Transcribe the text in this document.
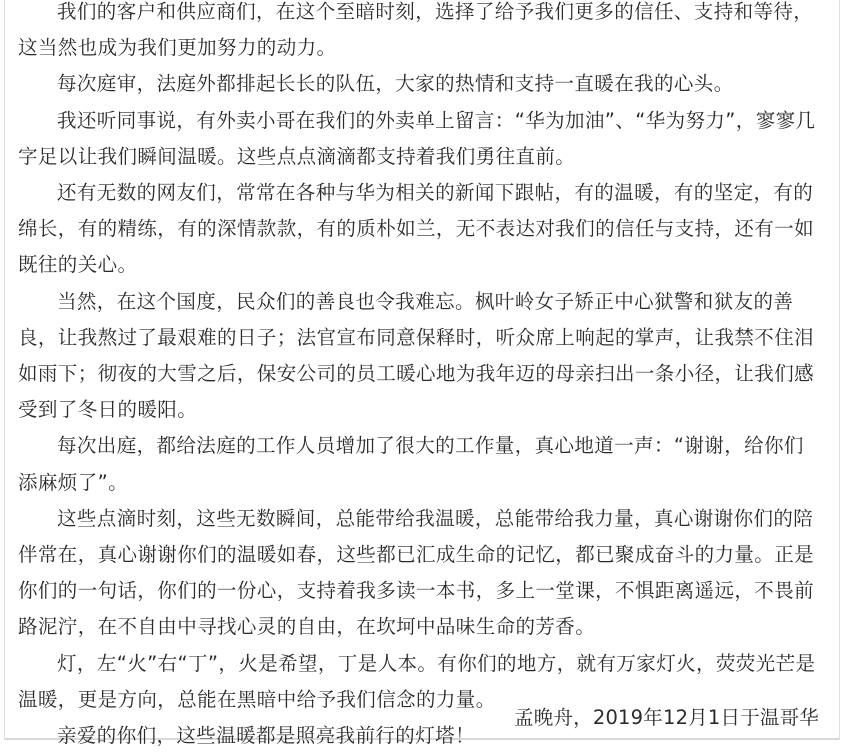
我们的客户和供应商们，在这个至暗时刻，选择了给予我们更多的信任、支持和等待，这当然也成为我们更加努力的动力。

每次庭审，法庭外都排起长长的队伍，大家的热情和支持一直暖在我的心头。

我还听同事说，有外卖小哥在我们的外卖单上留言：“华为加油”、“华为努力”，寥寥几字足以让我们瞬间温暖。这些点点滴滴都支持着我们勇往直前。

还有无数的网友们，常常在各种与华为相关的新闻下跟帖，有的温暖，有的坚定，有的绵长，有的精练，有的深情款款，有的质朴如兰，无不表达对我们的信任与支持，还有一如既往的关心。

当然，在这个国度，民众们的善良也令我难忘。枫叶岭女子矫正中心狱警和狱友的善良，让我熬过了最艰难的日子；法官宣布同意保释时，听众席上响起的掌声，让我禁不住泪如雨下；彻夜的大雪之后，保安公司的员工暖心地为我年迈的母亲扫出一条小径，让我们感受到了冬日的暖阳。

每次出庭，都给法庭的工作人员增加了很大的工作量，真心地道一声：“谢谢，给你们添麻烦了”。

这些点滴时刻，这些无数瞬间，总能带给我温暖，总能带给我力量，真心谢谢你们的陪伴常在，真心谢谢你们的温暖如春，这些都已汇成生命的记忆，都已聚成奋斗的力量。正是你们的一句话，你们的一份心，支持着我多读一本书，多上一堂课，不惧距离遥远，不畏前路泥泞，在不自由中寻找心灵的自由，在坎坷中品味生命的芳香。

灯，左“火”右“丁”，火是希望，丁是人本。有你们的地方，就有万家灯火，荧荧光芒是温暖，更是方向，总能在黑暗中给予我们信念的力量。

亲爱的你们，这些温暖都是照亮我前行的灯塔！

孟晚舟，2019年12月1日于温哥华
